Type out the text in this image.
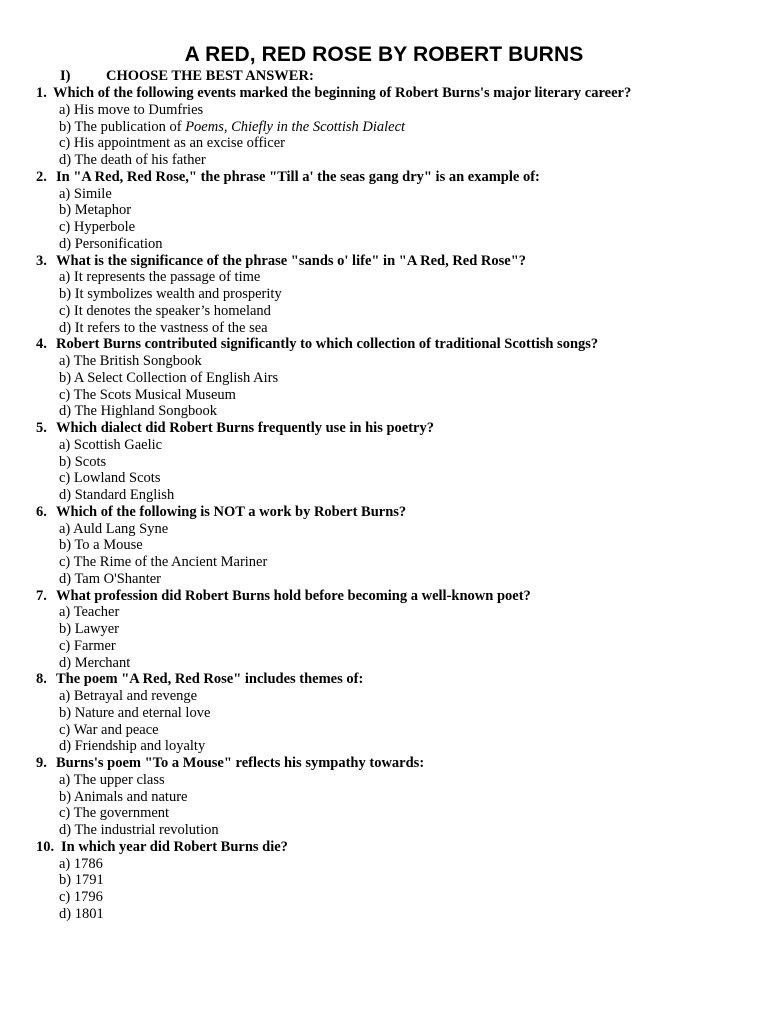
A RED, RED ROSE BY ROBERT BURNS
I) CHOOSE THE BEST ANSWER:
1. Which of the following events marked the beginning of Robert Burns's major literary career?
a) His move to Dumfries
b) The publication of Poems, Chiefly in the Scottish Dialect
c) His appointment as an excise officer
d) The death of his father
2. In "A Red, Red Rose," the phrase "Till a' the seas gang dry" is an example of:
a) Simile
b) Metaphor
c) Hyperbole
d) Personification
3. What is the significance of the phrase "sands o' life" in "A Red, Red Rose"?
a) It represents the passage of time
b) It symbolizes wealth and prosperity
c) It denotes the speaker’s homeland
d) It refers to the vastness of the sea
4. Robert Burns contributed significantly to which collection of traditional Scottish songs?
a) The British Songbook
b) A Select Collection of English Airs
c) The Scots Musical Museum
d) The Highland Songbook
5. Which dialect did Robert Burns frequently use in his poetry?
a) Scottish Gaelic
b) Scots
c) Lowland Scots
d) Standard English
6. Which of the following is NOT a work by Robert Burns?
a) Auld Lang Syne
b) To a Mouse
c) The Rime of the Ancient Mariner
d) Tam O'Shanter
7. What profession did Robert Burns hold before becoming a well-known poet?
a) Teacher
b) Lawyer
c) Farmer
d) Merchant
8. The poem "A Red, Red Rose" includes themes of:
a) Betrayal and revenge
b) Nature and eternal love
c) War and peace
d) Friendship and loyalty
9. Burns's poem "To a Mouse" reflects his sympathy towards:
a) The upper class
b) Animals and nature
c) The government
d) The industrial revolution
10. In which year did Robert Burns die?
a) 1786
b) 1791
c) 1796
d) 1801
